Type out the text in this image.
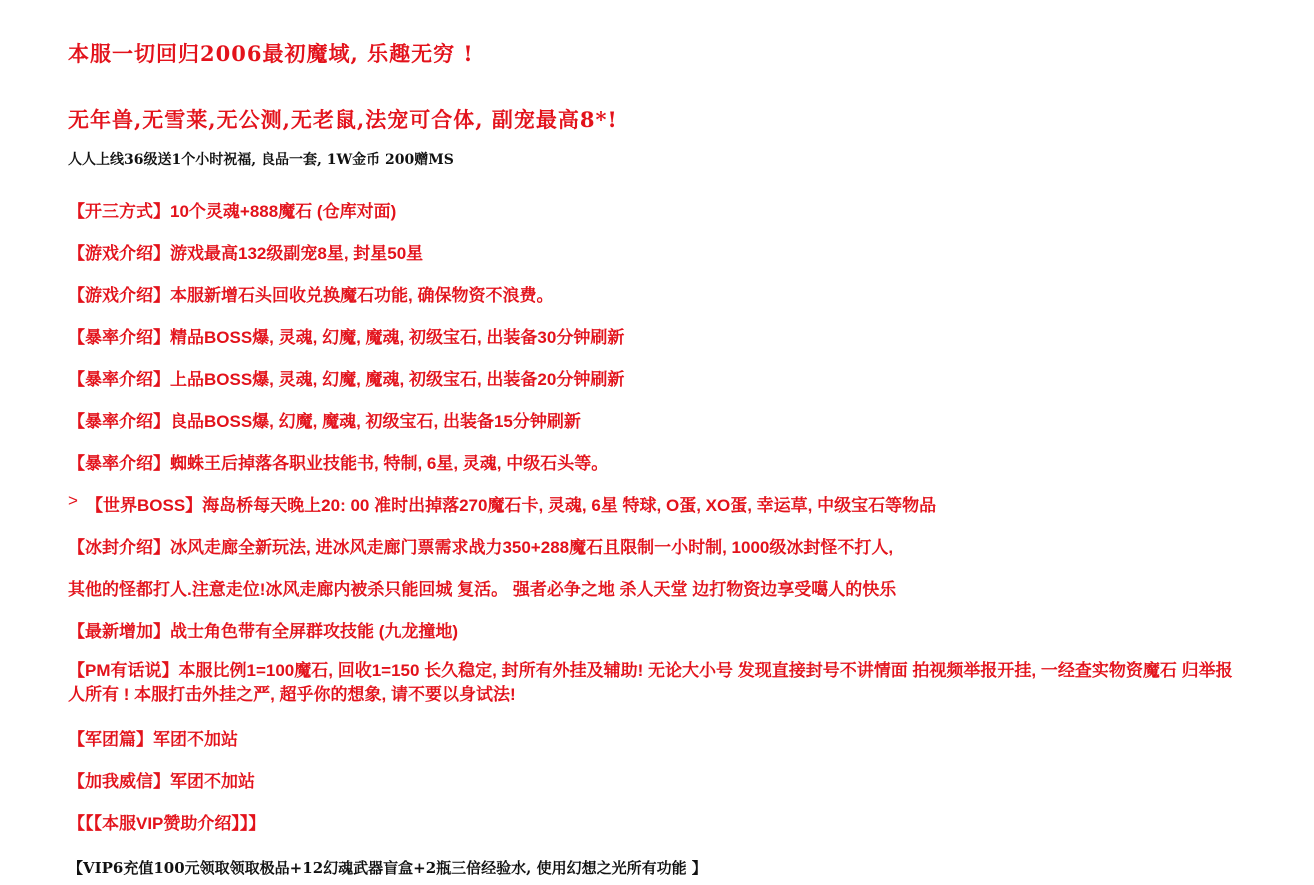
本服一切回归2006最初魔域, 乐趣无穷 !
无年兽,无雪莱,无公测,无老鼠,法宠可合体, 副宠最高8*!
人人上线36级送1个小时祝福, 良品一套, 1W金币 200赠MS
【开三方式】10个灵魂+888魔石 (仓库对面)
【游戏介绍】游戏最高132级副宠8星, 封星50星
【游戏介绍】本服新增石头回收兑换魔石功能, 确保物资不浪费。
【暴率介绍】精品BOSS爆, 灵魂, 幻魔, 魔魂, 初级宝石, 出装备30分钟刷新
【暴率介绍】上品BOSS爆, 灵魂, 幻魔, 魔魂, 初级宝石, 出装备20分钟刷新
【暴率介绍】良品BOSS爆, 幻魔, 魔魂, 初级宝石, 出装备15分钟刷新
【暴率介绍】蜘蛛王后掉落各职业技能书, 特制, 6星, 灵魂, 中级石头等。
> 【世界BOSS】海岛桥每天晚上20: 00 准时出掉落270魔石卡, 灵魂, 6星 特球, O蛋, XO蛋, 幸运草, 中级宝石等物品
【冰封介绍】冰风走廊全新玩法, 进冰风走廊门票需求战力350+288魔石且限制一小时制, 1000级冰封怪不打人,
其他的怪都打人.注意走位!冰风走廊内被杀只能回城 复活。 强者必争之地 杀人天堂 边打物资边享受噶人的快乐
【最新增加】战士角色带有全屏群攻技能 (九龙撞地)
【PM有话说】本服比例1=100魔石, 回收1=150 长久稳定, 封所有外挂及辅助! 无论大小号 发现直接封号不讲情面 拍视频举报开挂, 一经查实物资魔石 归举报人所有 ! 本服打击外挂之严, 超乎你的想象, 请不要以身试法!
【军团篇】军团不加站
【加我威信】军团不加站
【【【本服VIP赞助介绍】】】
【VIP6充值100元领取领取极品+12幻魂武器盲盒+2瓶三倍经验水, 使用幻想之光所有功能 】
